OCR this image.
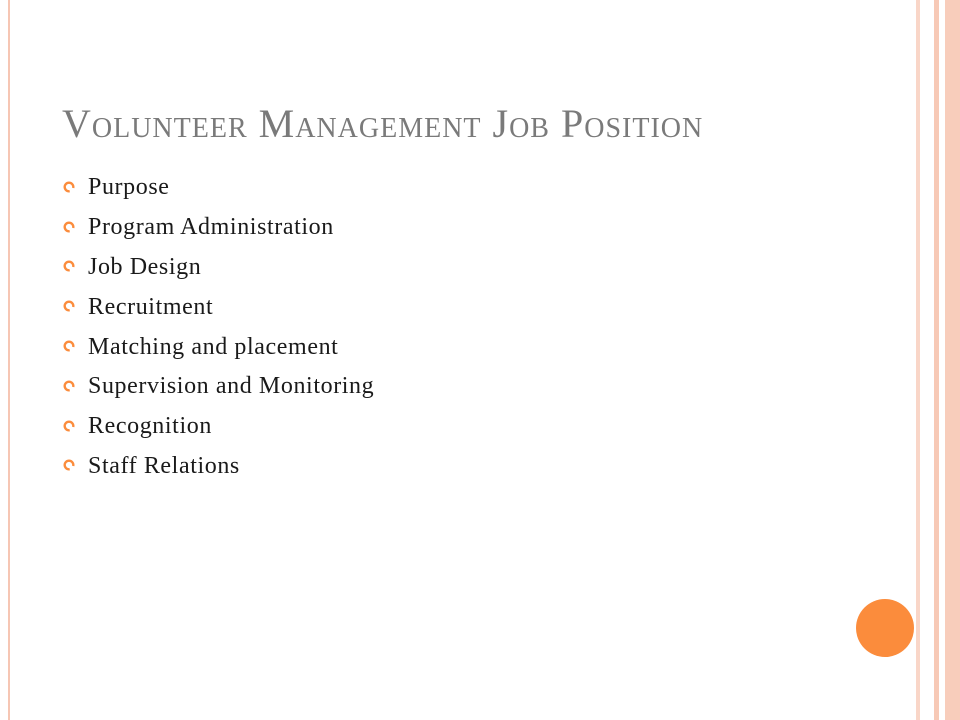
Volunteer Management Job Position
Purpose
Program Administration
Job Design
Recruitment
Matching and placement
Supervision and Monitoring
Recognition
Staff Relations
